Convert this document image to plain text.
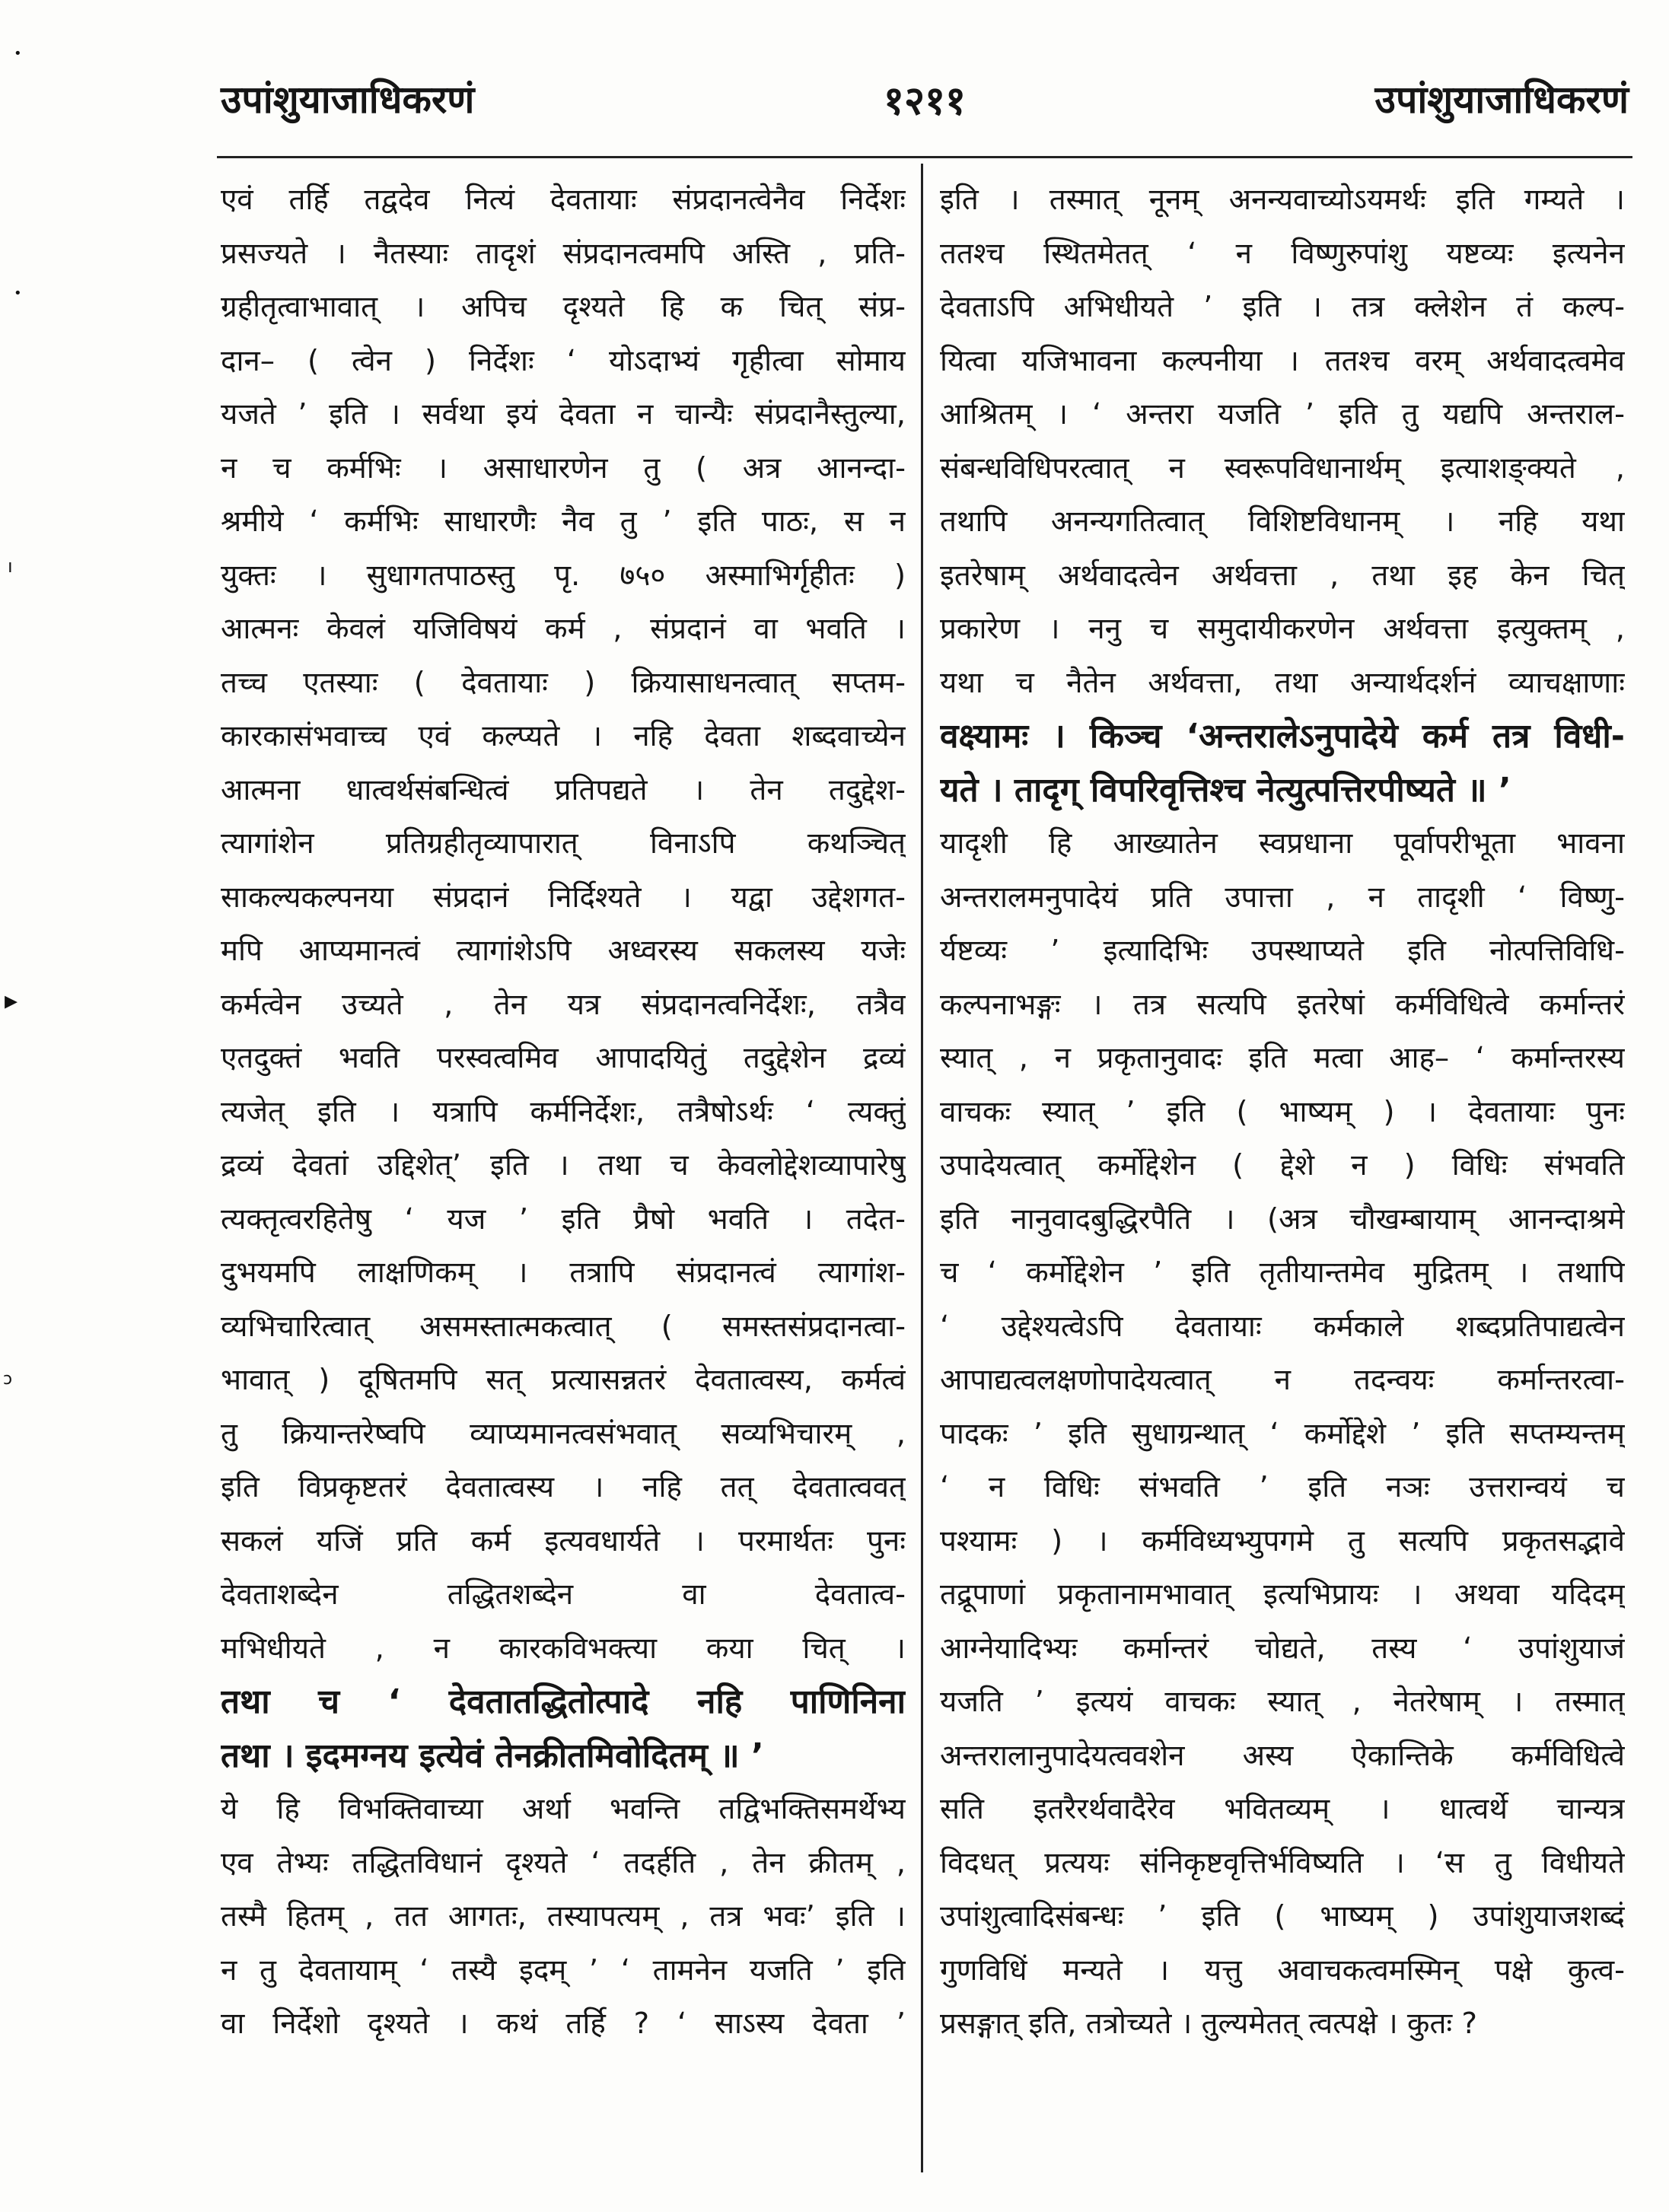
•
•
ı
▸
ɔ
उपांशुयाजाधिकरणं	१२११	उपांशुयाजाधिकरणं
एवं तर्हि तद्वदेव नित्यं देवतायाः संप्रदानत्वेनैव निर्देशः
प्रसज्यते । नैतस्याः तादृशं संप्रदानत्वमपि अस्ति , प्रति-
ग्रहीतृत्वाभावात् । अपिच दृश्यते हि क चित् संप्र-
दान– ( त्वेन ) निर्देशः ‘ योऽदाभ्यं गृहीत्वा सोमाय
यजते ’ इति । सर्वथा इयं देवता न चान्यैः संप्रदानैस्तुल्या,
न च कर्मभिः । असाधारणेन तु ( अत्र आनन्दा-
श्रमीये ‘ कर्मभिः साधारणैः नैव तु ’ इति पाठः, स न
युक्तः । सुधागतपाठस्तु पृ. ७५० अस्माभिर्गृहीतः )
आत्मनः केवलं यजिविषयं कर्म , संप्रदानं वा भवति ।
तच्च एतस्याः ( देवतायाः ) क्रियासाधनत्वात् सप्तम-
कारकासंभवाच्च एवं कल्प्यते । नहि देवता शब्दवाच्येन
आत्मना धात्वर्थसंबन्धित्वं प्रतिपद्यते । तेन तदुद्देश-
त्यागांशेन प्रतिग्रहीतृव्यापारात् विनाऽपि कथञ्चित्
साकल्यकल्पनया संप्रदानं निर्दिश्यते । यद्वा उद्देशगत-
मपि आप्यमानत्वं त्यागांशेऽपि अध्वरस्य सकलस्य यजेः
कर्मत्वेन उच्यते , तेन यत्र संप्रदानत्वनिर्देशः, तत्रैव
एतदुक्तं भवति परस्वत्वमिव आपादयितुं तदुद्देशेन द्रव्यं
त्यजेत् इति । यत्रापि कर्मनिर्देशः, तत्रैषोऽर्थः ‘ त्यक्तुं
द्रव्यं देवतां उद्दिशेत्’ इति । तथा च केवलोद्देशव्यापारेषु
त्यक्तृत्वरहितेषु ‘ यज ’ इति प्रैषो भवति । तदेत-
दुभयमपि लाक्षणिकम् । तत्रापि संप्रदानत्वं त्यागांश-
व्यभिचारित्वात् असमस्तात्मकत्वात् ( समस्तसंप्रदानत्वा-
भावात् ) दूषितमपि सत् प्रत्यासन्नतरं देवतात्वस्य, कर्मत्वं
तु क्रियान्तरेष्वपि व्याप्यमानत्वसंभवात् सव्यभिचारम् ,
इति विप्रकृष्टतरं देवतात्वस्य । नहि तत् देवतात्ववत्
सकलं यजिं प्रति कर्म इत्यवधार्यते । परमार्थतः पुनः
देवताशब्देन तद्धितशब्देन वा देवतात्व-
मभिधीयते , न कारकविभक्त्या कया चित् ।
तथा च ‘ देवतातद्धितोत्पादे नहि पाणिनिना
तथा । इदमग्नय इत्येवं तेनक्रीतमिवोदितम् ॥ ’
ये हि विभक्तिवाच्या अर्था भवन्ति तद्विभक्तिसमर्थेभ्य
एव तेभ्यः तद्धितविधानं दृश्यते ‘ तदर्हति , तेन क्रीतम् ,
तस्मै हितम् , तत आगतः, तस्यापत्यम् , तत्र भवः’ इति ।
न तु देवतायाम् ‘ तस्यै इदम् ’ ‘ तामनेन यजति ’ इति
वा निर्देशो दृश्यते । कथं तर्हि ? ‘ साऽस्य देवता ’
इति । तस्मात् नूनम् अनन्यवाच्योऽयमर्थः इति गम्यते ।
ततश्च स्थितमेतत् ‘ न विष्णुरुपांशु यष्टव्यः इत्यनेन
देवताऽपि अभिधीयते ’ इति । तत्र क्लेशेन तं कल्प-
यित्वा यजिभावना कल्पनीया । ततश्च वरम् अर्थवादत्वमेव
आश्रितम् । ‘ अन्तरा यजति ’ इति तु यद्यपि अन्तराल-
संबन्धविधिपरत्वात् न स्वरूपविधानार्थम् इत्याशङ्क्यते ,
तथापि अनन्यगतित्वात् विशिष्टविधानम् । नहि यथा
इतरेषाम् अर्थवादत्वेन अर्थवत्ता , तथा इह केन चित्
प्रकारेण । ननु च समुदायीकरणेन अर्थवत्ता इत्युक्तम् ,
यथा च नैतेन अर्थवत्ता, तथा अन्यार्थदर्शनं व्याचक्षाणाः
वक्ष्यामः । किञ्च ‘अन्तरालेऽनुपादेये कर्म तत्र विधी-
यते । तादृग् विपरिवृत्तिश्च नेत्युत्पत्तिरपीष्यते ॥ ’
यादृशी हि आख्यातेन स्वप्रधाना पूर्वापरीभूता भावना
अन्तरालमनुपादेयं प्रति उपात्ता , न तादृशी ‘ विष्णु-
र्यष्टव्यः ’ इत्यादिभिः उपस्थाप्यते इति नोत्पत्तिविधि-
कल्पनाभङ्गः । तत्र सत्यपि इतरेषां कर्मविधित्वे कर्मान्तरं
स्यात् , न प्रकृतानुवादः इति मत्वा आह– ‘ कर्मान्तरस्य
वाचकः स्यात् ’ इति ( भाष्यम् ) । देवतायाः पुनः
उपादेयत्वात् कर्मोद्देशेन ( द्देशे न ) विधिः संभवति
इति नानुवादबुद्धिरपैति । (अत्र चौखम्बायाम् आनन्दाश्रमे
च ‘ कर्मोद्देशेन ’ इति तृतीयान्तमेव मुद्रितम् । तथापि
‘ उद्देश्यत्वेऽपि देवतायाः कर्मकाले शब्दप्रतिपाद्यत्वेन
आपाद्यत्वलक्षणोपादेयत्वात् न तदन्वयः कर्मान्तरत्वा-
पादकः ’ इति सुधाग्रन्थात् ‘ कर्मोद्देशे ’ इति सप्तम्यन्तम्
‘ न विधिः संभवति ’ इति नञः उत्तरान्वयं च
पश्यामः ) । कर्मविध्यभ्युपगमे तु सत्यपि प्रकृतसद्भावे
तद्रूपाणां प्रकृतानामभावात् इत्यभिप्रायः । अथवा यदिदम्
आग्नेयादिभ्यः कर्मान्तरं चोद्यते, तस्य ‘ उपांशुयाजं
यजति ’ इत्ययं वाचकः स्यात् , नेतरेषाम् । तस्मात्
अन्तरालानुपादेयत्ववशेन अस्य ऐकान्तिके कर्मविधित्वे
सति इतरैरर्थवादैरेव भवितव्यम् । धात्वर्थे चान्यत्र
विदधत् प्रत्ययः संनिकृष्टवृत्तिर्भविष्यति । ‘स तु विधीयते
उपांशुत्वादिसंबन्धः ’ इति ( भाष्यम् ) उपांशुयाजशब्दं
गुणविधिं मन्यते । यत्तु अवाचकत्वमस्मिन् पक्षे कुत्व-
प्रसङ्गात् इति, तत्रोच्यते । तुल्यमेतत् त्वत्पक्षे । कुतः ?
